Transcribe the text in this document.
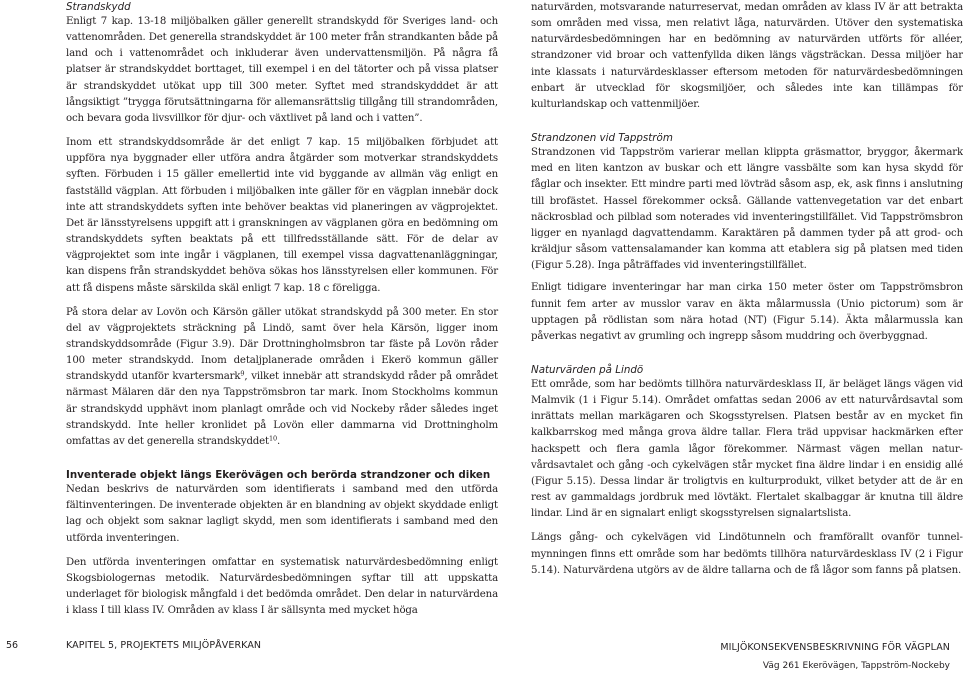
Strandskydd

Enligt 7 kap. 13-18 miljöbalken gäller generellt strandskydd för Sveriges land- och vattenområden. Det generella strandskyddet är 100 meter från strandkanten både på land och i vattenområdet och inkluderar även undervattensmiljön. På några få platser är strandskyddet borttaget, till exempel i en del tätorter och på vissa platser är strandskyddet utökat upp till 300 meter. Syftet med strandskydddet är att långsiktigt ”trygga förutsättningarna för allemansrättslig tillgång till strandområden, och bevara goda livsvillkor för djur- och växtlivet på land och i vatten”.

Inom ett strandskyddsområde är det enligt 7 kap. 15 miljöbalken förbjudet att uppföra nya byggnader eller utföra andra åtgärder som motverkar strandskyddets syften. Förbuden i 15 gäller emellertid inte vid byggande av allmän väg enligt en fastställd vägplan. Att förbuden i miljöbalken inte gäller för en vägplan innebär dock inte att strandskyddets syften inte behöver beaktas vid planeringen av vägprojektet. Det är länsstyrelsens uppgift att i granskningen av vägplanen göra en bedömning om strandskyddets syften beaktats på ett tillfredsställande sätt. För de delar av vägprojektet som inte ingår i vägplanen, till exempel vissa dagvattenanläggningar, kan dispens från strandskyddet behöva sökas hos länsstyrelsen eller kommunen. För att få dispens måste särskilda skäl enligt 7 kap. 18 c föreligga.

På stora delar av Lovön och Kärsön gäller utökat strandskydd på 300 meter. En stor del av vägprojektets sträckning på Lindö, samt över hela Kärsön, ligger inom strandskyddsområde (Figur 3.9). Där Drottningholmsbron tar fäste på Lovön råder 100 meter strandskydd. Inom detaljplanerade områden i Ekerö kommun gäller strandskydd utanför kvartersmark$^9$, vilket innebär att strandskydd råder på området närmast Mälaren där den nya Tappströmsbron tar mark. Inom Stockholms kommun är strandskydd upphävt inom planlagt område och vid Nockeby råder således inget strandskydd. Inte heller kronlidet på Lovön eller dammarna vid Drottningholm omfattas av det generella strandskyddet$^{10}$.

Inventerade objekt längs Ekerövägen och berörda strandzoner och diken

Nedan beskrivs de naturvärden som identifierats i samband med den utförda fältinventeringen. De inventerade objekten är en blandning av objekt skyddade enligt lag och objekt som saknar lagligt skydd, men som identifierats i samband med den utförda inventeringen.

Den utförda inventeringen omfattar en systematisk naturvärdesbedömning enligt Skogsbiologernas metodik. Naturvärdesbedömningen syftar till att uppskatta underlaget för biologisk mångfald i det bedömda området. Den delar in naturvärdena i klass I till klass IV. Områden av klass I är sällsynta med mycket höga

naturvärden, motsvarande naturreservat, medan områden av klass IV är att betrakta som områden med vissa, men relativt låga, naturvärden. Utöver den systematiska naturvärdesbedömningen har en bedömning av naturvärden utförts för alléer, strandzoner vid broar och vattenfyllda diken längs vägsträckan. Dessa miljöer har inte klassats i naturvärdesklasser eftersom metoden för naturvärdesbedömningen enbart är utvecklad för skogsmiljöer, och således inte kan tillämpas för kulturlandskap och vattenmiljöer.

Strandzonen vid Tappström

Strandzonen vid Tappström varierar mellan klippta gräsmattor, bryggor, åkermark med en liten kantzon av buskar och ett längre vassbälte som kan hysa skydd för fåglar och insekter. Ett mindre parti med lövträd såsom asp, ek, ask finns i anslutning till brofästet. Hassel förekommer också. Gällande vattenvegetation var det enbart näckrosblad och pilblad som noterades vid inventeringstillfället. Vid Tappströmsbron ligger en nyanlagd dagvattendamm. Karaktären på dammen tyder på att grod- och kräldjur såsom vattensalamander kan komma att etablera sig på platsen med tiden (Figur 5.28). Inga påträffades vid inventeringstillfället.

Enligt tidigare inventeringar har man cirka 150 meter öster om Tappströmsbron funnit fem arter av musslor varav en äkta målarmussla (Unio pictorum) som är upptagen på rödlistan som nära hotad (NT) (Figur 5.14). Äkta målarmussla kan påverkas negativt av grumling och ingrepp såsom muddring och överbyggnad.

Naturvärden på Lindö

Ett område, som har bedömts tillhöra naturvärdesklass II, är beläget längs vägen vid Malmvik (1 i Figur 5.14). Området omfattas sedan 2006 av ett naturvårdsavtal som inrättats mellan markägaren och Skogsstyrelsen. Platsen består av en mycket fin kalkbarrskog med många grova äldre tallar. Flera träd uppvisar hackmärken efter hackspett och flera gamla lågor förekommer. Närmast vägen mellan naturvårdsavtalet och gång -och cykelvägen står mycket fina äldre lindar i en ensidig allé (Figur 5.15). Dessa lindar är troligtvis en kulturprodukt, vilket betyder att de är en rest av gammaldags jordbruk med lövtäkt. Flertalet skalbaggar är knutna till äldre lindar. Lind är en signalart enligt skogsstyrelsen signalartslista.

Längs gång- och cykelvägen vid Lindötunneln och framförallt ovanför tunnelmynningen finns ett område som har bedömts tillhöra naturvärdesklass IV (2 i Figur 5.14). Naturvärdena utgörs av de äldre tallarna och de få lågor som fanns på platsen.

56	KAPITEL 5, PROJEKTETS MILJÖPÅVERKAN	MILJÖKONSEKVENSBESKRIVNING FÖR VÄGPLAN
Väg 261 Ekerövägen, Tappström-Nockeby
